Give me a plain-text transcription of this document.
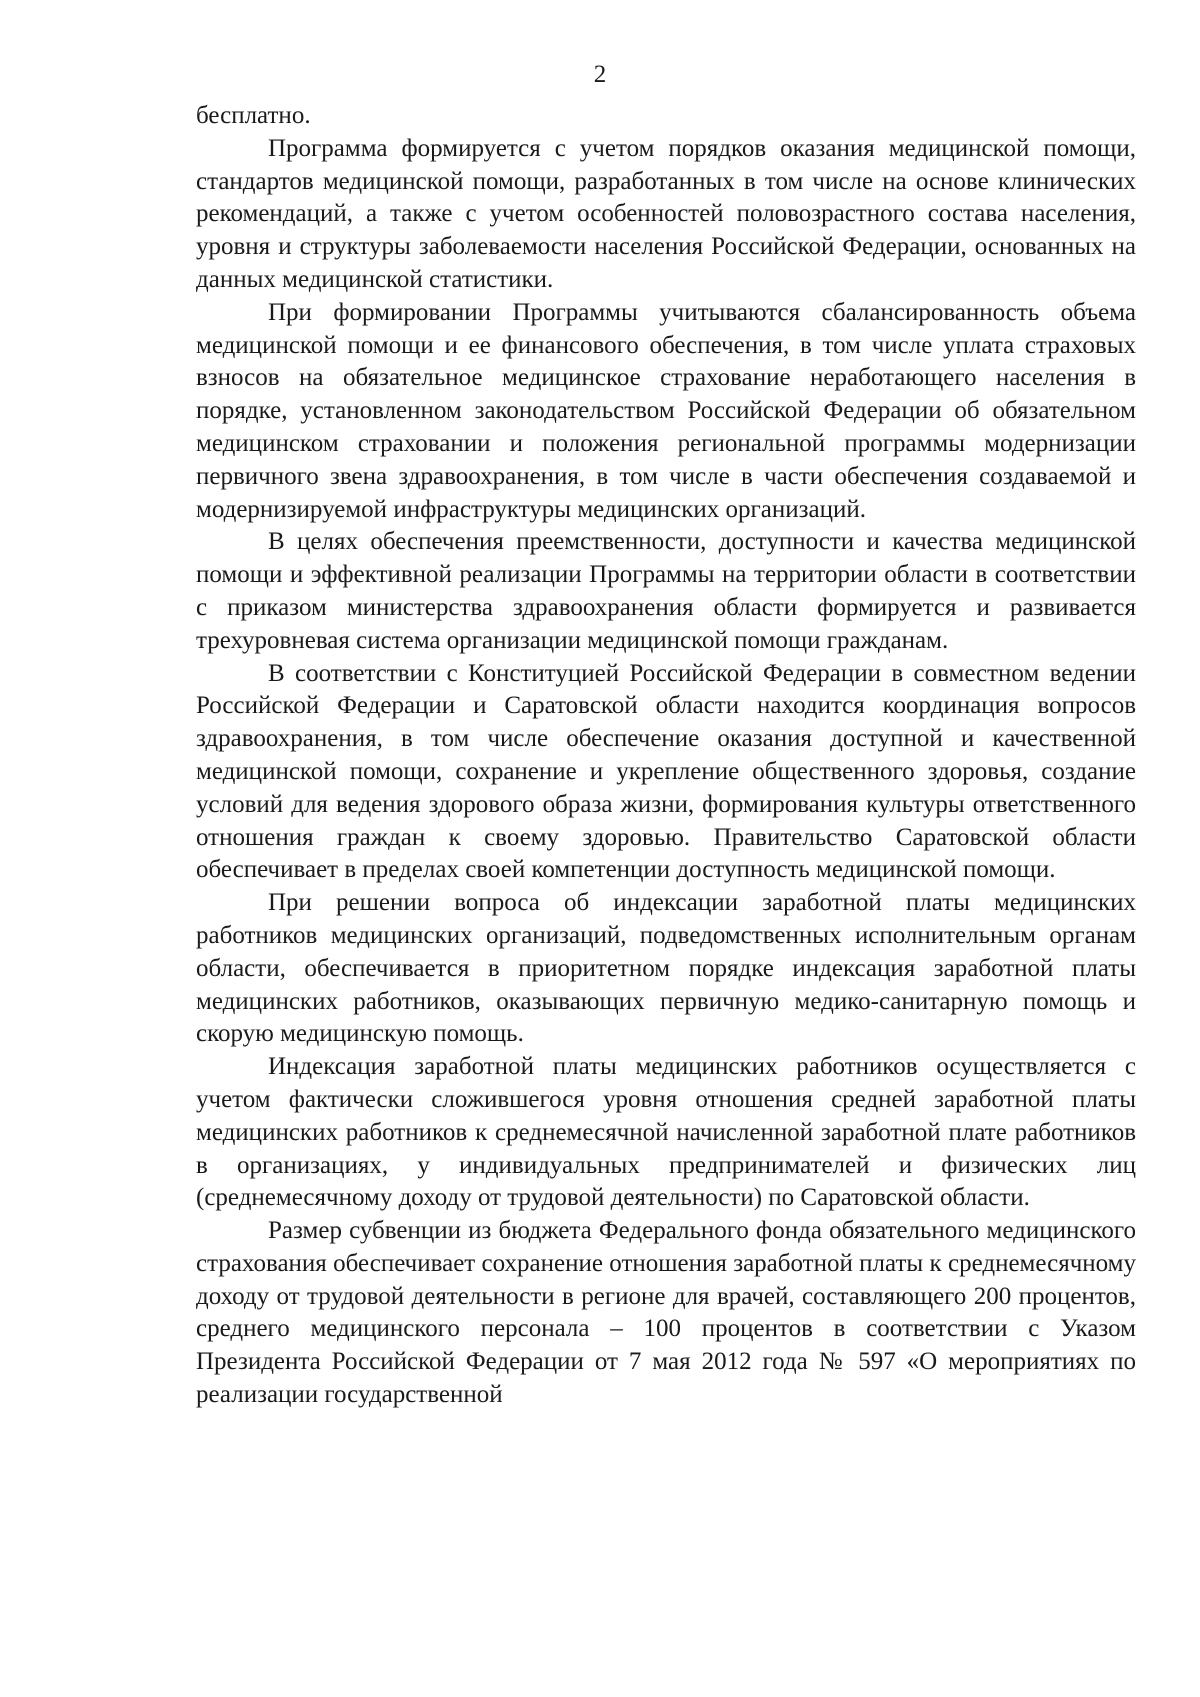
2

бесплатно.

Программа формируется с учетом порядков оказания медицинской помощи, стандартов медицинской помощи, разработанных в том числе на основе клинических рекомендаций, а также с учетом особенностей половозрастного состава населения, уровня и структуры заболеваемости населения Российской Федерации, основанных на данных медицинской статистики.

При формировании Программы учитываются сбалансированность объема медицинской помощи и ее финансового обеспечения, в том числе уплата страховых взносов на обязательное медицинское страхование неработающего населения в порядке, установленном законодательством Российской Федерации об обязательном медицинском страховании и положения региональной программы модернизации первичного звена здравоохранения, в том числе в части обеспечения создаваемой и модернизируемой инфраструктуры медицинских организаций.

В целях обеспечения преемственности, доступности и качества медицинской помощи и эффективной реализации Программы на территории области в соответствии с приказом министерства здравоохранения области формируется и развивается трехуровневая система организации медицинской помощи гражданам.

В соответствии с Конституцией Российской Федерации в совместном ведении Российской Федерации и Саратовской области находится координация вопросов здравоохранения, в том числе обеспечение оказания доступной и качественной медицинской помощи, сохранение и укрепление общественного здоровья, создание условий для ведения здорового образа жизни, формирования культуры ответственного отношения граждан к своему здоровью. Правительство Саратовской области обеспечивает в пределах своей компетенции доступность медицинской помощи.

При решении вопроса об индексации заработной платы медицинских работников медицинских организаций, подведомственных исполнительным органам области, обеспечивается в приоритетном порядке индексация заработной платы медицинских работников, оказывающих первичную медико-санитарную помощь и скорую медицинскую помощь.

Индексация заработной платы медицинских работников осуществляется с учетом фактически сложившегося уровня отношения средней заработной платы медицинских работников к среднемесячной начисленной заработной плате работников в организациях, у индивидуальных предпринимателей и физических лиц (среднемесячному доходу от трудовой деятельности) по Саратовской области.

Размер субвенции из бюджета Федерального фонда обязательного медицинского страхования обеспечивает сохранение отношения заработной платы к среднемесячному доходу от трудовой деятельности в регионе для врачей, составляющего 200 процентов, среднего медицинского персонала – 100 процентов в соответствии с Указом Президента Российской Федерации от 7 мая 2012 года № 597 «О мероприятиях по реализации государственной
